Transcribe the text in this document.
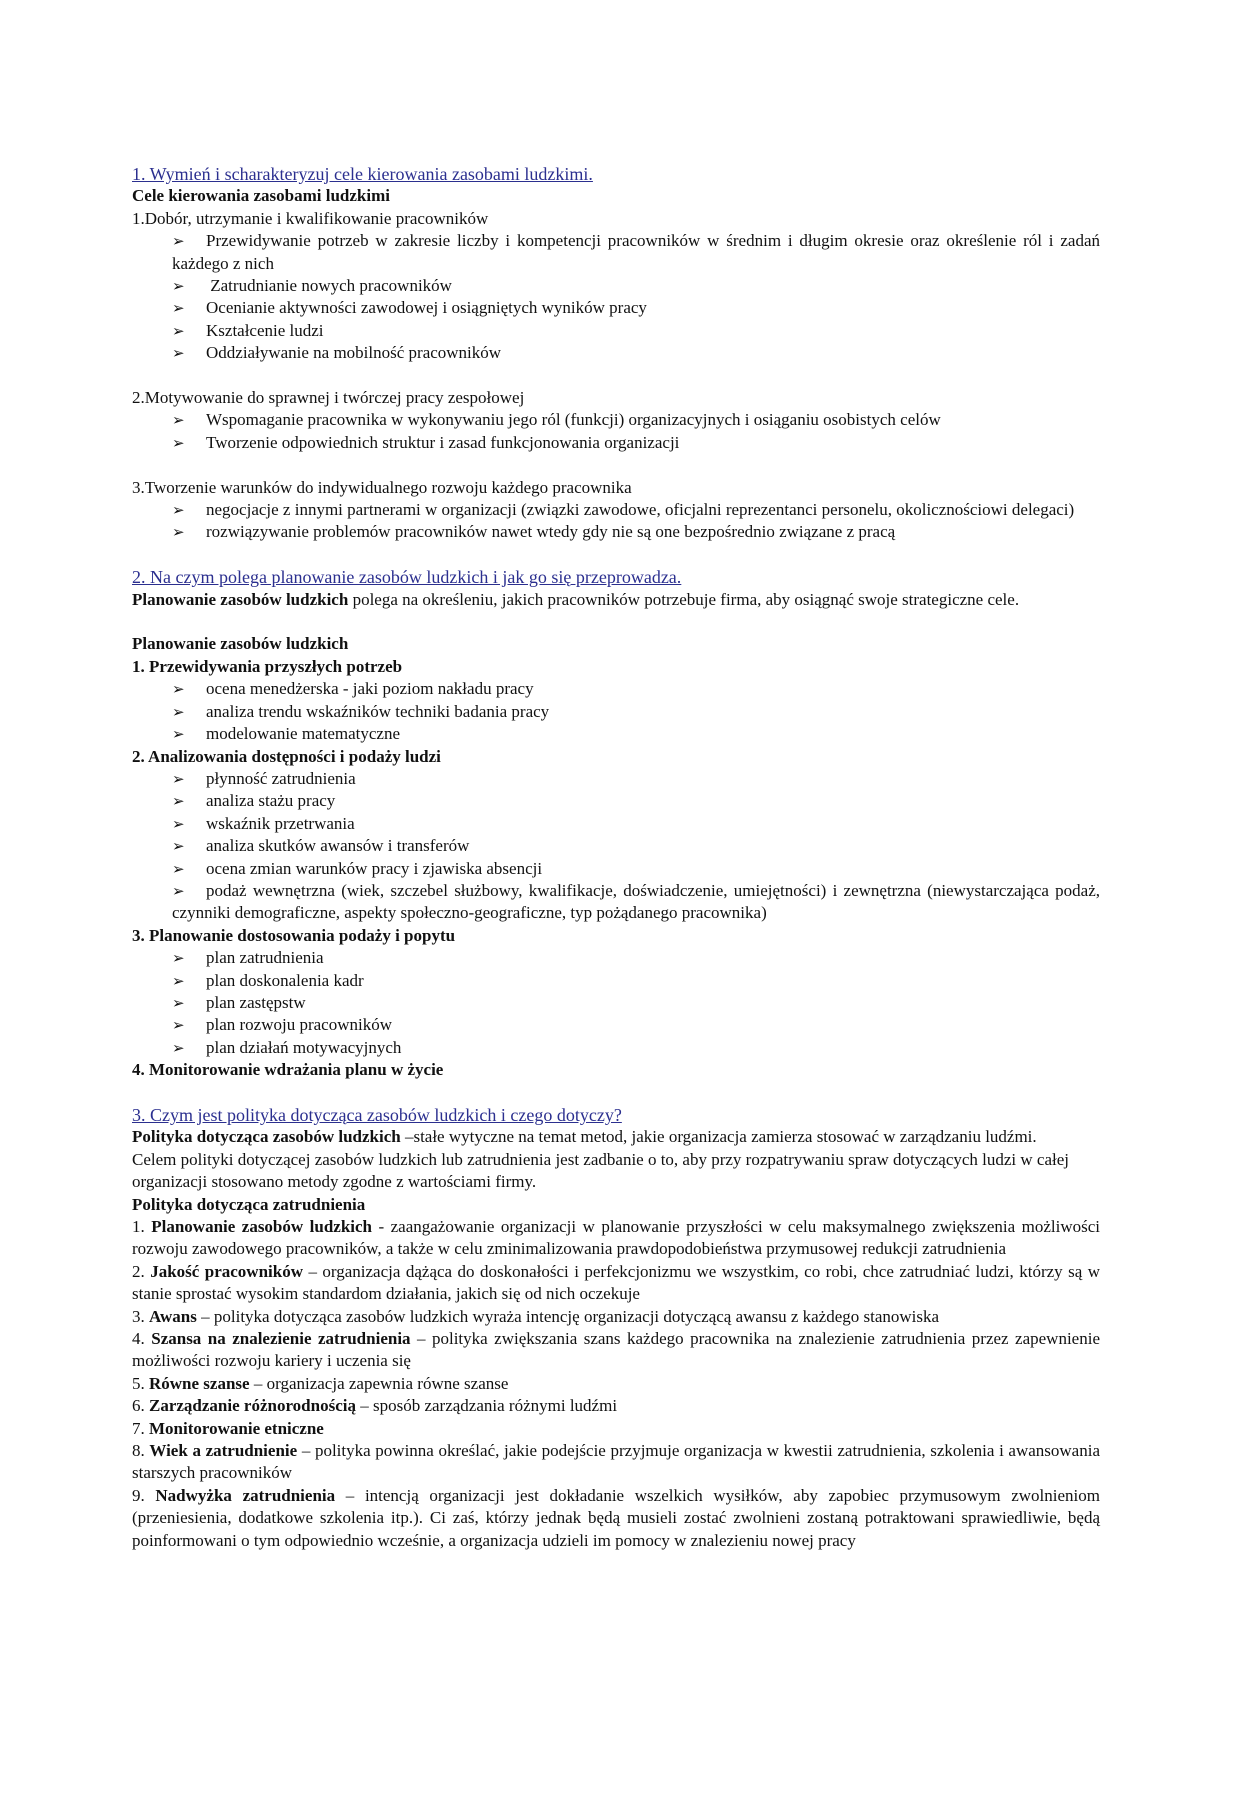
1. Wymień i scharakteryzuj cele kierowania zasobami ludzkimi.

Cele kierowania zasobami ludzkimi

1.Dobór, utrzymanie i kwalifikowanie pracowników

➢ Przewidywanie potrzeb w zakresie liczby i kompetencji pracowników w średnim i długim okresie oraz określenie ról i zadań każdego z nich

➢ Zatrudnianie nowych pracowników

➢ Ocenianie aktywności zawodowej i osiągniętych wyników pracy

➢ Kształcenie ludzi

➢ Oddziaływanie na mobilność pracowników

2.Motywowanie do sprawnej i twórczej pracy zespołowej

➢ Wspomaganie pracownika w wykonywaniu jego ról (funkcji) organizacyjnych i osiąganiu osobistych celów

➢ Tworzenie odpowiednich struktur i zasad funkcjonowania organizacji

3.Tworzenie warunków do indywidualnego rozwoju każdego pracownika

➢ negocjacje z innymi partnerami w organizacji (związki zawodowe, oficjalni reprezentanci personelu, okolicznościowi delegaci)

➢ rozwiązywanie problemów pracowników nawet wtedy gdy nie są one bezpośrednio związane z pracą

2. Na czym polega planowanie zasobów ludzkich i jak go się przeprowadza.

Planowanie zasobów ludzkich polega na określeniu, jakich pracowników potrzebuje firma, aby osiągnąć swoje strategiczne cele.

Planowanie zasobów ludzkich

1. Przewidywania przyszłych potrzeb

➢ ocena menedżerska - jaki poziom nakładu pracy

➢ analiza trendu wskaźników techniki badania pracy

➢ modelowanie matematyczne

2. Analizowania dostępności i podaży ludzi

➢ płynność zatrudnienia

➢ analiza stażu pracy

➢ wskaźnik przetrwania

➢ analiza skutków awansów i transferów

➢ ocena zmian warunków pracy i zjawiska absencji

➢ podaż wewnętrzna (wiek, szczebel służbowy, kwalifikacje, doświadczenie, umiejętności) i zewnętrzna (niewystarczająca podaż, czynniki demograficzne, aspekty społeczno-geograficzne, typ pożądanego pracownika)

3. Planowanie dostosowania podaży i popytu

➢ plan zatrudnienia

➢ plan doskonalenia kadr

➢ plan zastępstw

➢ plan rozwoju pracowników

➢ plan działań motywacyjnych

4. Monitorowanie wdrażania planu w życie

3. Czym jest polityka dotycząca zasobów ludzkich i czego dotyczy?

Polityka dotycząca zasobów ludzkich –stałe wytyczne na temat metod, jakie organizacja zamierza stosować w zarządzaniu ludźmi.

Celem polityki dotyczącej zasobów ludzkich lub zatrudnienia jest zadbanie o to, aby przy rozpatrywaniu spraw dotyczących ludzi w całej organizacji stosowano metody zgodne z wartościami firmy.

Polityka dotycząca zatrudnienia

1. Planowanie zasobów ludzkich - zaangażowanie organizacji w planowanie przyszłości w celu maksymalnego zwiększenia możliwości rozwoju zawodowego pracowników, a także w celu zminimalizowania prawdopodobieństwa przymusowej redukcji zatrudnienia

2. Jakość pracowników – organizacja dążąca do doskonałości i perfekcjonizmu we wszystkim, co robi, chce zatrudniać ludzi, którzy są w stanie sprostać wysokim standardom działania, jakich się od nich oczekuje

3. Awans – polityka dotycząca zasobów ludzkich wyraża intencję organizacji dotyczącą awansu z każdego stanowiska

4. Szansa na znalezienie zatrudnienia – polityka zwiększania szans każdego pracownika na znalezienie zatrudnienia przez zapewnienie możliwości rozwoju kariery i uczenia się

5. Równe szanse – organizacja zapewnia równe szanse

6. Zarządzanie różnorodnością – sposób zarządzania różnymi ludźmi

7. Monitorowanie etniczne

8. Wiek a zatrudnienie – polityka powinna określać, jakie podejście przyjmuje organizacja w kwestii zatrudnienia, szkolenia i awansowania starszych pracowników

9. Nadwyżka zatrudnienia – intencją organizacji jest dokładanie wszelkich wysiłków, aby zapobiec przymusowym zwolnieniom (przeniesienia, dodatkowe szkolenia itp.). Ci zaś, którzy jednak będą musieli zostać zwolnieni zostaną potraktowani sprawiedliwie, będą poinformowani o tym odpowiednio wcześnie, a organizacja udzieli im pomocy w znalezieniu nowej pracy
